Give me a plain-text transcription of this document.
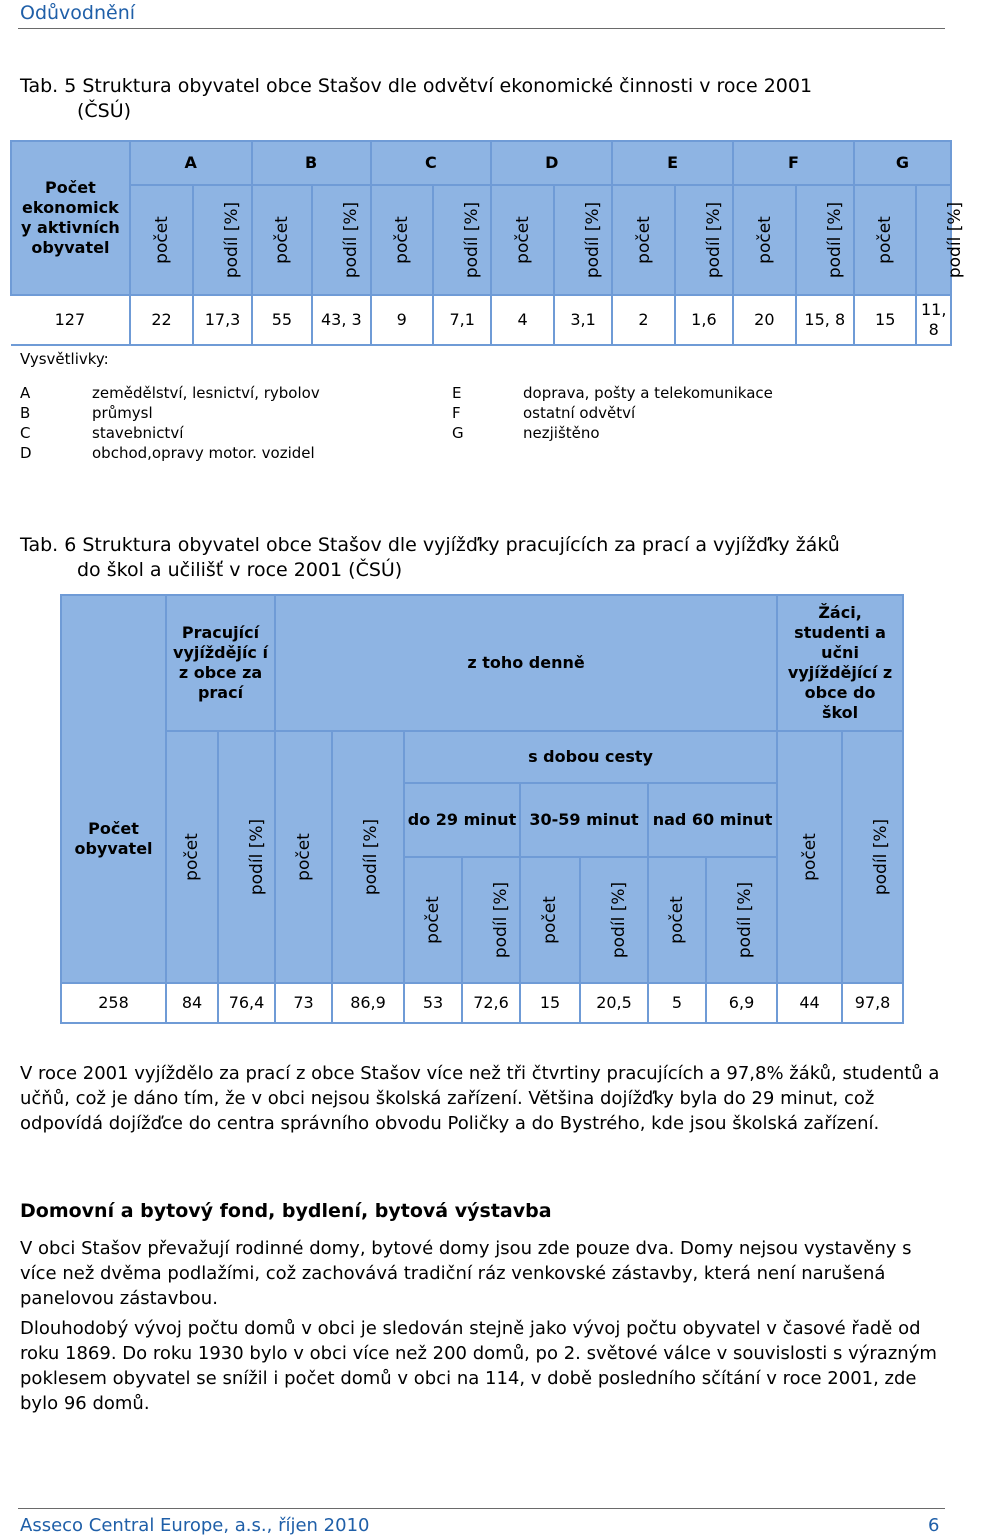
Odůvodnění
Tab. 5 Struktura obyvatel obce Stašov dle odvětví ekonomické činnosti v roce 2001
(ČSÚ)
Počet ekonomick y aktivních obyvatel	A		B		C		D		E		F		G	
	počet	podíl [%]	počet	podíl [%]	počet	podíl [%]	počet	podíl [%]	počet	podíl [%]	počet	podíl [%]	počet	podíl [%]
127	22	17,3	55	43, 3	9	7,1	4	3,1	2	1,6	20	15, 8	15	11, 8
Vysvětlivky:
A	zemědělství, lesnictví, rybolov
B	průmysl
C	stavebnictví
D	obchod,opravy motor. vozidel
E	doprava, pošty a telekomunikace
F	ostatní odvětví
G	nezjištěno
Tab. 6 Struktura obyvatel obce Stašov dle vyjížďky pracujících za prací a vyjížďky žáků
do škol a učilišť v roce 2001 (ČSÚ)
Počet obyvatel	Pracující vyjíždějíc í z obce za prací		z toho denně								Žáci, studenti a učni vyjíždějící z obce do škol	

	počet	podíl [%]	počet	podíl [%]	s dobou cesty						počet	podíl [%]
					do 29 minut		30-59 minut		nad 60 minut			
					počet	podíl [%]	počet	podíl [%]	počet	podíl [%]		
258	84	76,4	73	86,9	53	72,6	15	20,5	5	6,9	44	97,8
V roce 2001 vyjíždělo za prací z obce Stašov více než tři čtvrtiny pracujících a 97,8% žáků, studentů a učňů, což je dáno tím, že v obci nejsou školská zařízení. Většina dojížďky byla do 29 minut, což odpovídá dojížďce do centra správního obvodu Poličky a do Bystrého, kde jsou školská zařízení.
Domovní a bytový fond, bydlení, bytová výstavba
V obci Stašov převažují rodinné domy, bytové domy jsou zde pouze dva. Domy nejsou vystavěny s více než dvěma podlažími, což zachovává tradiční ráz venkovské zástavby, která není narušená panelovou zástavbou.
Dlouhodobý vývoj počtu domů v obci je sledován stejně jako vývoj počtu obyvatel v časové řadě od roku 1869. Do roku 1930 bylo v obci více než 200 domů, po 2. světové válce v souvislosti s výrazným poklesem obyvatel se snížil i počet domů v obci na 114, v době posledního sčítání v roce 2001, zde bylo 96 domů.
Asseco Central Europe, a.s., říjen 2010	6
